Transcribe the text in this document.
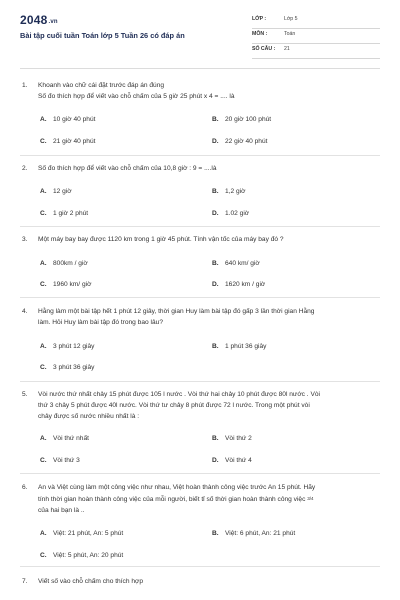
2048.vn
Bài tập cuối tuần Toán lớp 5 Tuần 26 có đáp án
LỚP :	Lớp 5
MÔN :	Toán
SỐ CÂU : 21
1. Khoanh vào chữ cái đặt trước đáp án đúng
Số đo thích hợp để viết vào chỗ chấm của 5 giờ 25 phút x 4 = .... là
A. 10 giờ 40 phút	B. 20 giờ 100 phút
C. 21 giờ 40 phút	D. 22 giờ 40 phút
2. Số đo thích hợp để viết vào chỗ chấm của 10,8 giờ : 9 = ....là
A. 12 giờ	B. 1,2 giờ
C. 1 giờ 2 phút	D. 1.02 giờ
3. Một máy bay bay được 1120 km trong 1 giờ 45 phút. Tính vận tốc của máy bay đó ?
A. 800km / giờ	B. 640 km/ giờ
C. 1960 km/ giờ	D. 1620 km / giờ
4. Hằng làm một bài tập hết 1 phút 12 giây, thời gian Huy làm bài tập đó gấp 3 lần thời gian Hằng
làm. Hỏi Huy làm bài tập đó trong bao lâu?
A. 3 phút 12 giây	B. 1 phút 36 giây
C. 3 phút 36 giây
5. Vòi nước thứ nhất chảy 15 phút được 105 l nước . Vòi thứ hai chảy 10 phút được 80l nước . Vòi
thứ 3 chảy 5 phút được 40l nước. Vòi thứ tư chảy 8 phút được 72 l nước. Trong một phút vòi
chảy được số nước nhiều nhất là :
A. Vòi thứ nhất	B. Vòi thứ 2
C. Vòi thứ 3	D. Vòi thứ 4
6. An và Việt cùng làm một công việc như nhau, Việt hoàn thành công việc trước An 15 phút. Hãy
tính thời gian hoàn thành công việc của mỗi người, biết tỉ số thời gian hoàn thành công việc 3/4
của hai bạn là ..
A. Việt: 21 phút, An: 5 phút	B. Việt: 6 phút, An: 21 phút
C. Việt: 5 phút, An: 20 phút
7. Viết số vào chỗ chấm cho thích hợp
